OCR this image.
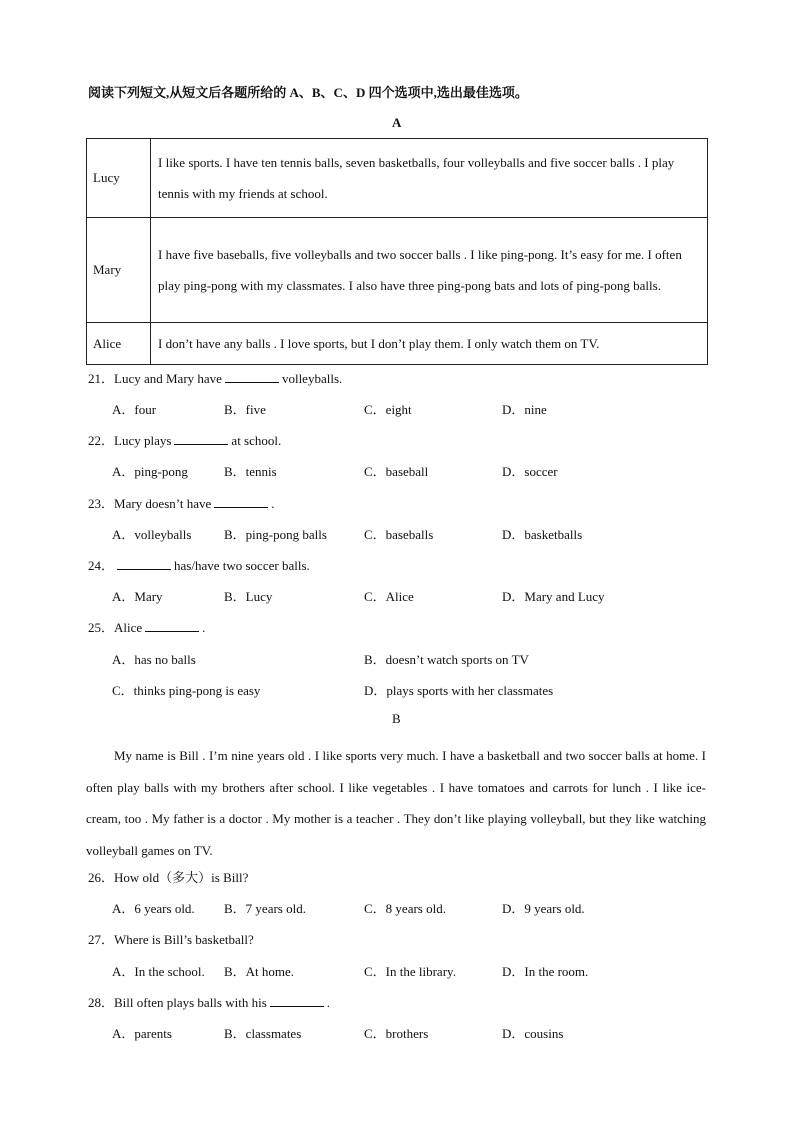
阅读下列短文,从短文后各题所给的 A、B、C、D 四个选项中,选出最佳选项。
A
Lucy	I like sports. I have ten tennis balls, seven basketballs, four volleyballs and five soccer balls . I play tennis with my friends at school.
Mary	I have five baseballs, five volleyballs and two soccer balls . I like ping-pong. It’s easy for me. I often play ping-pong with my classmates. I also have three ping-pong bats and lots of ping-pong balls.
Alice	I don’t have any balls . I love sports, but I don’t play them. I only watch them on TV.
21．Lucy and Mary have	volleyballs.
A．four	B．five	C．eight	D．nine
22．Lucy plays	at school.
A．ping-pong	B．tennis	C．baseball	D．soccer
23．Mary doesn’t have	.
A．volleyballs	B．ping-pong balls	C．baseballs	D．basketballs
24．	has/have two soccer balls.
A．Mary	B．Lucy	C．Alice	D．Mary and Lucy
25．Alice	.
A．has no balls	B．doesn’t watch sports on TV
C．thinks ping-pong is easy	D．plays sports with her classmates
B
My name is Bill . I’m nine years old . I like sports very much. I have a basketball and two soccer balls at home. I often play balls with my brothers after school. I like vegetables . I have tomatoes and carrots for lunch . I like ice-cream, too . My father is a doctor . My mother is a teacher . They don’t like playing volleyball, but they like watching volleyball games on TV.
26．How old（多大）is Bill?
A．6 years old. B．7 years old.	C．8 years old.	D．9 years old.
27．Where is Bill’s basketball?
A．In the school. B．At home.	C．In the library.	D．In the room.
28．Bill often plays balls with his	.
A．parents	B．classmates	C．brothers	D．cousins
